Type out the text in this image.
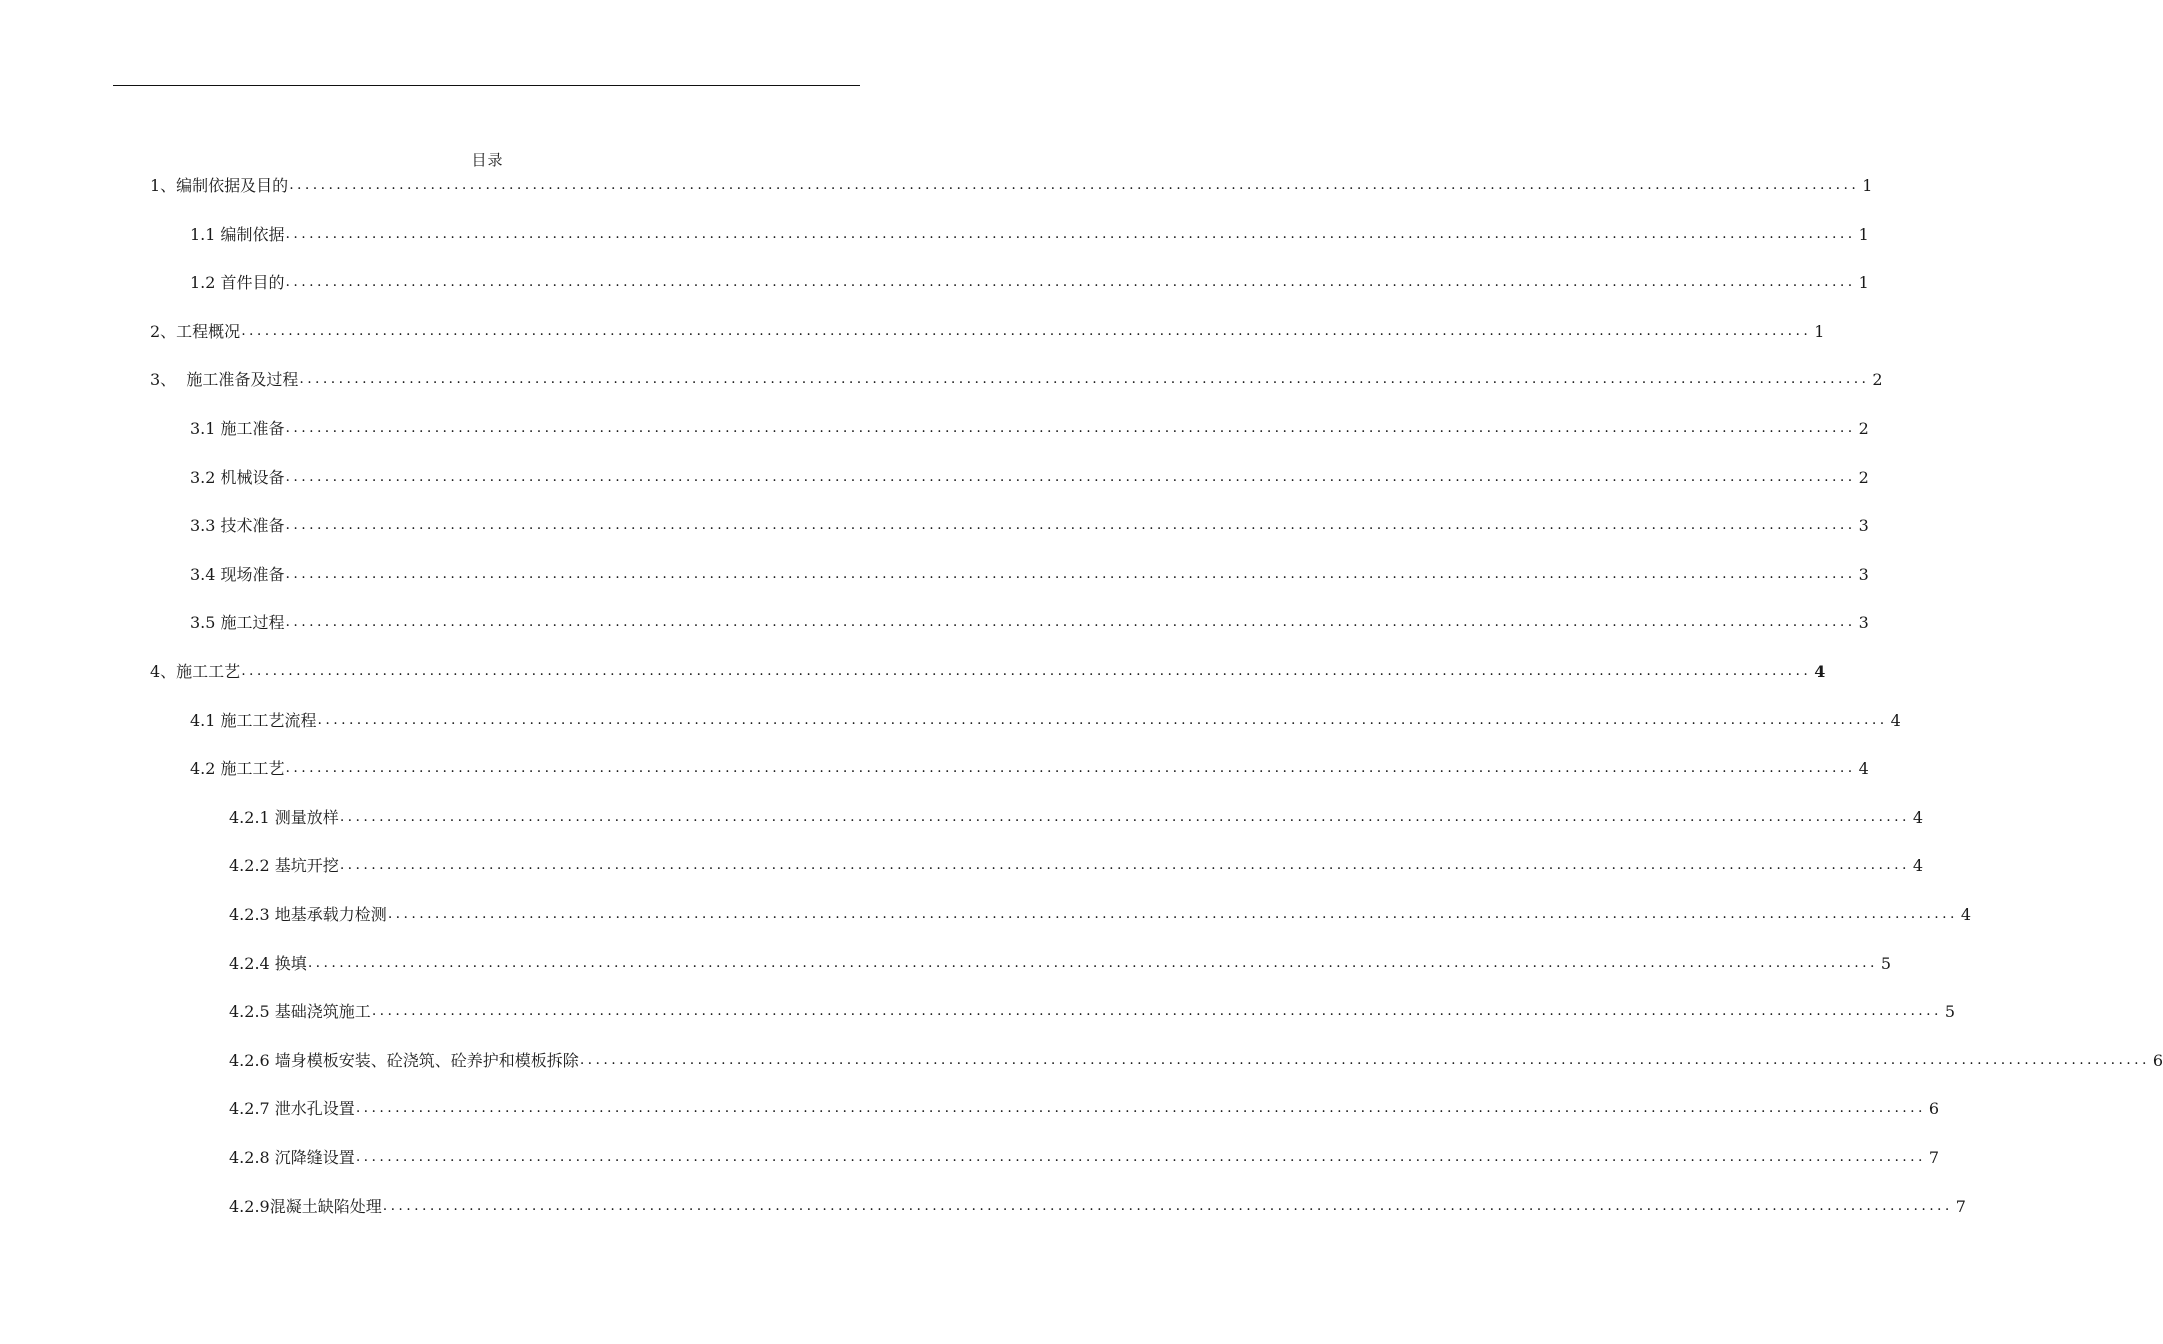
目录
1、编制依据及目的 ........................................................................................................................................................................................................ 1
1.1 编制依据 ........................................................................................................................................................................................................ 1
1.2 首件目的 ........................................................................................................................................................................................................ 1
2、工程概况 ........................................................................................................................................................................................................ 1
3、  施工准备及过程 ........................................................................................................................................................................................................ 2
3.1 施工准备 ........................................................................................................................................................................................................ 2
3.2 机械设备 ........................................................................................................................................................................................................ 2
3.3 技术准备 ........................................................................................................................................................................................................ 3
3.4 现场准备 ........................................................................................................................................................................................................ 3
3.5 施工过程 ........................................................................................................................................................................................................ 3
4、施工工艺 ........................................................................................................................................................................................................ 4
4.1 施工工艺流程 ........................................................................................................................................................................................................ 4
4.2 施工工艺 ........................................................................................................................................................................................................ 4
4.2.1 测量放样 ........................................................................................................................................................................................................ 4
4.2.2 基坑开挖 ........................................................................................................................................................................................................ 4
4.2.3 地基承载力检测 ........................................................................................................................................................................................................ 4
4.2.4 换填 ........................................................................................................................................................................................................ 5
4.2.5 基础浇筑施工 ........................................................................................................................................................................................................ 5
4.2.6 墙身模板安装、砼浇筑、砼养护和模板拆除 ........................................................................................................................................................................................................ 6
4.2.7 泄水孔设置 ........................................................................................................................................................................................................ 6
4.2.8 沉降缝设置 ........................................................................................................................................................................................................ 7
4.2.9混凝土缺陷处理 ........................................................................................................................................................................................................ 7
